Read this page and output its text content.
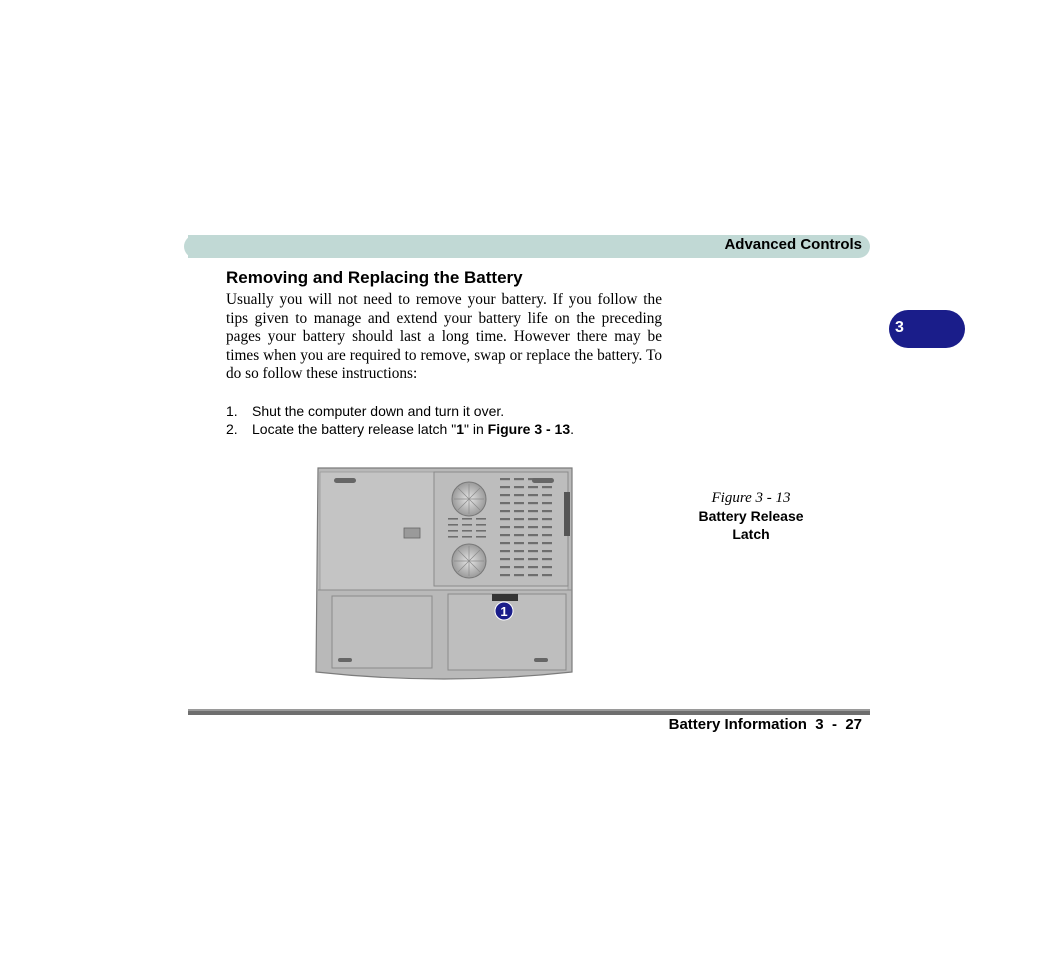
Advanced Controls
3
Removing and Replacing the Battery

Usually you will not need to remove your battery. If you follow the tips given to manage and extend your battery life on the preceding pages your battery should last a long time. However there may be times when you are required to remove, swap or replace the battery. To do so follow these instructions:

1. Shut the computer down and turn it over.
2. Locate the battery release latch "1" in Figure 3 - 13.
1
Figure 3 - 13
Battery Release
Latch
Battery Information  3  -  27
